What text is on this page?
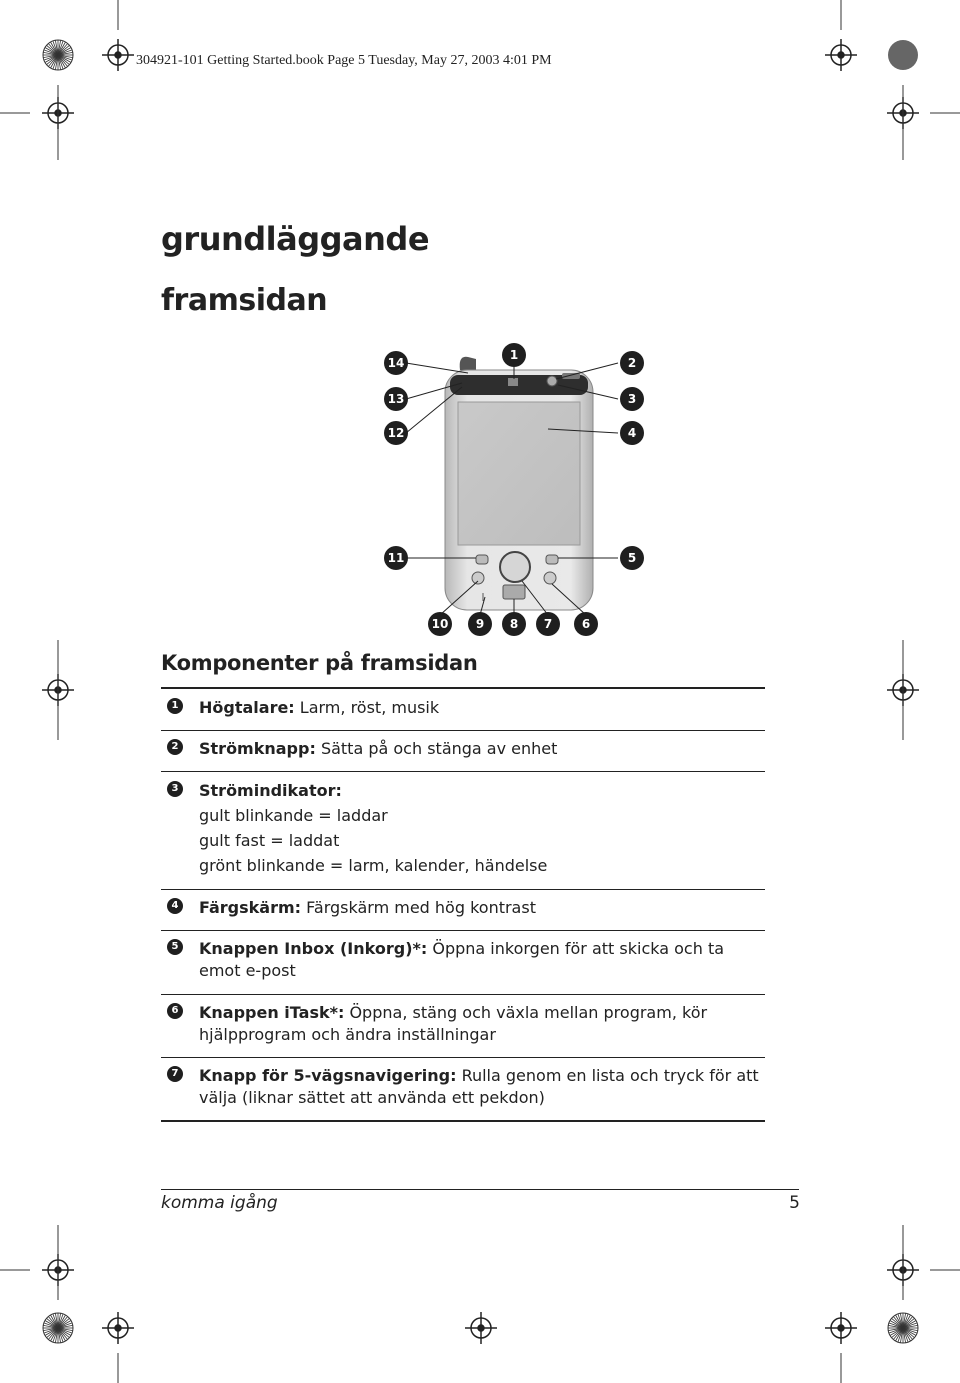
304921-101 Getting Started.book Page 5 Tuesday, May 27, 2003 4:01 PM
grundläggande
framsidan
14
13
12
1
2
3
4
11	5
10 9 8 7 6
Komponenter på framsidan
1 Högtalare: Larm, röst, musik
2 Strömknapp: Sätta på och stänga av enhet
3 Strömindikator:
gult blinkande = laddar
gult fast = laddat
grönt blinkande = larm, kalender, händelse
4 Färgskärm: Färgskärm med hög kontrast
5 Knappen Inbox (Inkorg)*: Öppna inkorgen för att skicka och ta emot e-post
6 Knappen iTask*: Öppna, stäng och växla mellan program, kör hjälpprogram och ändra inställningar
7 Knapp för 5-vägsnavigering: Rulla genom en lista och tryck för att välja (liknar sättet att använda ett pekdon)
komma igång	5
